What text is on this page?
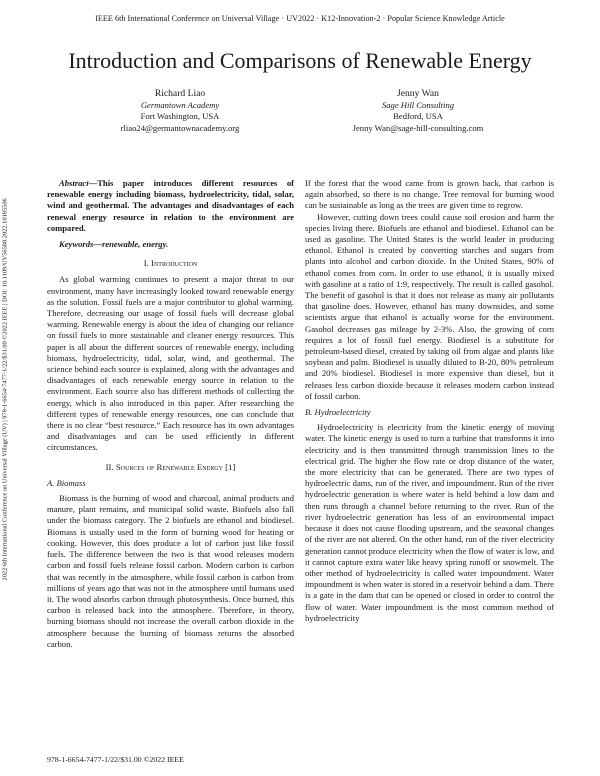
IEEE 6th International Conference on Universal Village · UV2022 · K12-Innovation-2 · Popular Science Knowledge Article
Introduction and Comparisons of Renewable Energy
Richard Liao
Germantown Academy
Fort Washington, USA
rliao24@germantownacademy.org
Jenny Wan
Sage Hill Consulting
Bedford, USA
Jenny Wan@sage-hill-consulting.com
2022 6th International Conference on Universal Village (UV) | 978-1-6654-7477-1/22/$31.00 ©2022 IEEE | DOI: 10.1109/UV56588.2022.10185506

Abstract—This paper introduces different resources of renewable energy including biomass, hydroelectricity, tidal, solar, wind and geothermal. The advantages and disadvantages of each renewal energy resource in relation to the environment are compared.

Keywords—renewable, energy.

I. Introduction

As global warming continues to present a major threat to our environment, many have increasingly looked toward renewable energy as the solution. Fossil fuels are a major contributor to global warming. Therefore, decreasing our usage of fossil fuels will decrease global warming. Renewable energy is about the idea of changing our reliance on fossil fuels to more sustainable and cleaner energy resources. This paper is all about the different sources of renewable energy, including biomass, hydroelectricity, tidal, solar, wind, and geothermal. The science behind each source is explained, along with the advantages and disadvantages of each renewable energy source in relation to the environment. Each source also has different methods of collecting the energy, which is also introduced in this paper. After researching the different types of renewable energy resources, one can conclude that there is no clear “best resource.” Each resource has its own advantages and disadvantages and can be used efficiently in different circumstances.

II. Sources of Renewable Energy [1]

A. Biomass

Biomass is the burning of wood and charcoal, animal products and manure, plant remains, and municipal solid waste. Biofuels also fall under the biomass category. The 2 biofuels are ethanol and biodiesel. Biomass is usually used in the form of burning wood for heating or cooking. However, this does produce a lot of carbon just like fossil fuels. The difference between the two is that wood releases modern carbon and fossil fuels release fossil carbon. Modern carbon is carbon that was recently in the atmosphere, while fossil carbon is carbon from millions of years ago that was not in the atmosphere until humans used it. The wood absorbs carbon through photosynthesis. Once burned, this carbon is released back into the atmosphere. Therefore, in theory, burning biomass should not increase the overall carbon dioxide in the atmosphere because the burning of biomass returns the absorbed carbon.

If the forest that the wood came from is grown back, that carbon is again absorbed, so there is no change. Tree removal for burning wood can be sustainable as long as the trees are given time to regrow.

However, cutting down trees could cause soil erosion and harm the species living there. Biofuels are ethanol and biodiesel. Ethanol can be used as gasoline. The United States is the world leader in producing ethanol. Ethanol is created by converting starches and sugars from plants into alcohol and carbon dioxide. In the United States, 90% of ethanol comes from corn. In order to use ethanol, it is usually mixed with gasoline at a ratio of 1:9, respectively. The result is called gasohol. The benefit of gasohol is that it does not release as many air pollutants that gasoline does. However, ethanol has many downsides, and some scientists argue that ethanol is actually worse for the environment. Gasohol decreases gas mileage by 2-3%. Also, the growing of corn requires a lot of fossil fuel energy. Biodiesel is a substitute for petroleum-based diesel, created by taking oil from algae and plants like soybean and palm. Biodiesel is usually diluted to B-20, 80% petroleum and 20% biodiesel. Biodiesel is more expensive than diesel, but it releases less carbon dioxide because it releases modern carbon instead of fossil carbon.

B. Hydroelectricity

Hydroelectricity is electricity from the kinetic energy of moving water. The kinetic energy is used to turn a turbine that transforms it into electricity and is then transmitted through transmission lines to the electrical grid. The higher the flow rate or drop distance of the water, the more electricity that can be generated. There are two types of hydroelectric dams, run of the river, and impoundment. Run of the river hydroelectric generation is where water is held behind a low dam and then runs through a channel before returning to the river. Run of the river hydroelectric generation has less of an environmental impact because it does not cause flooding upstream, and the seasonal changes of the river are not altered. On the other hand, run of the river electricity generation cannot produce electricity when the flow of water is low, and it cannot capture extra water like heavy spring runoff or snowmelt. The other method of hydroelectricity is called water impoundment. Water impoundment is when water is stored in a reservoir behind a dam. There is a gate in the dam that can be opened or closed in order to control the flow of water. Water impoundment is the most common method of hydroelectricity

978-1-6654-7477-1/22/$31.00 ©2022 IEEE
